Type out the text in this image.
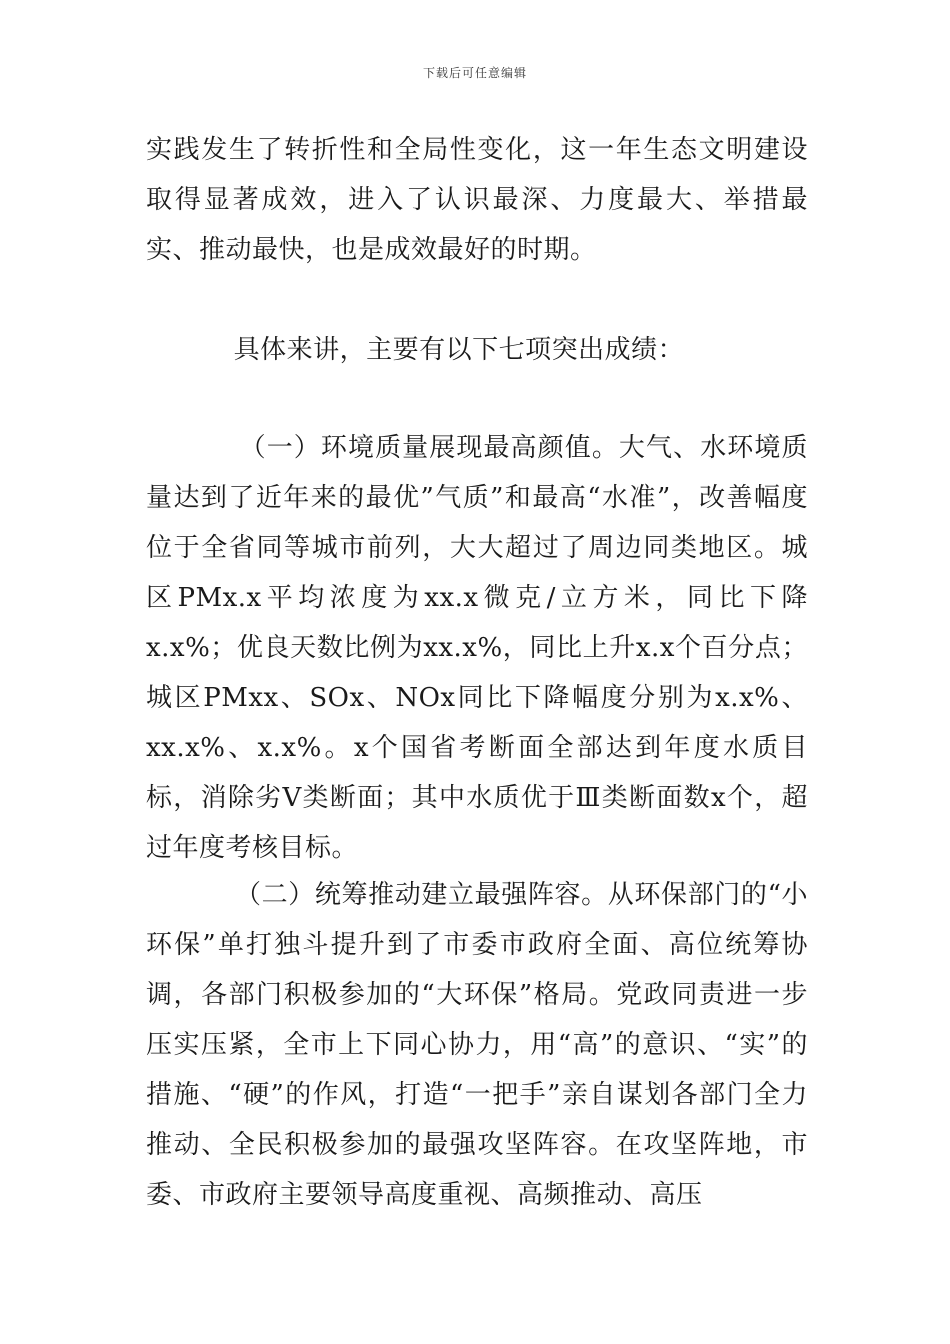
下载后可任意编辑

实践发生了转折性和全局性变化，这一年生态文明建设取得显著成效，进入了认识最深、力度最大、举措最实、推动最快，也是成效最好的时期。

具体来讲，主要有以下七项突出成绩：

（一）环境质量展现最高颜值。大气、水环境质量达到了近年来的最优”气质”和最高“水准”，改善幅度位于全省同等城市前列，大大超过了周边同类地区。城区PMx.x平均浓度为xx.x微克/立方米，同比下降x.x%；优良天数比例为xx.x%，同比上升x.x个百分点；城区PMxx、SOx、NOx同比下降幅度分别为x.x%、xx.x%、x.x%。x个国省考断面全部达到年度水质目标，消除劣Ⅴ类断面；其中水质优于Ⅲ类断面数x个，超过年度考核目标。

（二）统筹推动建立最强阵容。从环保部门的“小环保”单打独斗提升到了市委市政府全面、高位统筹协调，各部门积极参加的“大环保”格局。党政同责进一步压实压紧，全市上下同心协力，用“高”的意识、“实”的措施、“硬”的作风，打造“一把手”亲自谋划各部门全力推动、全民积极参加的最强攻坚阵容。在攻坚阵地，市委、市政府主要领导高度重视、高频推动、高压
